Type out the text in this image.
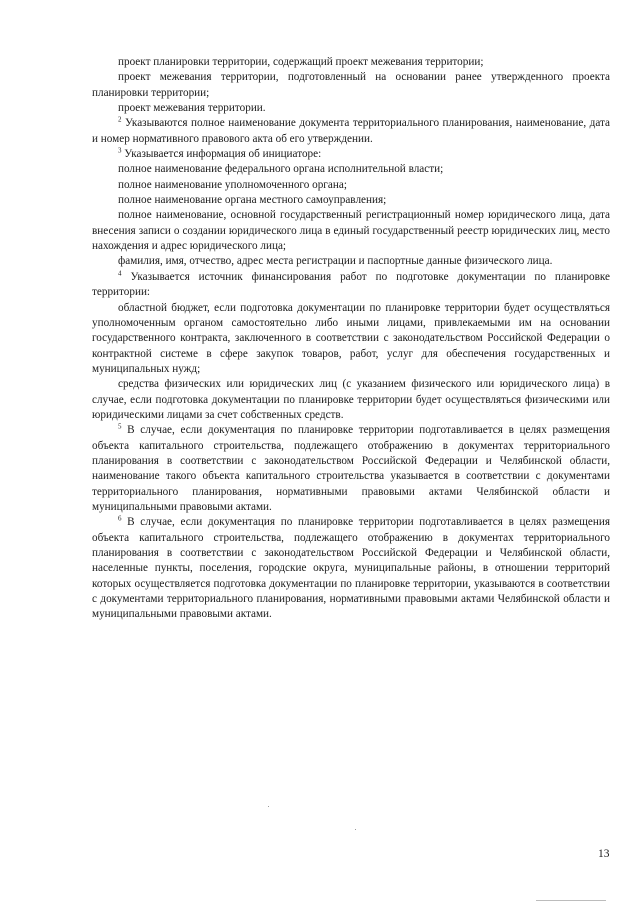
проект планировки территории, содержащий проект межевания территории;

проект межевания территории, подготовленный на основании ранее утвержденного проекта планировки территории;

проект межевания территории.

$^2$ Указываются полное наименование документа территориального планирования, наименование, дата и номер нормативного правового акта об его утверждении.

$^3$ Указывается информация об инициаторе:

полное наименование федерального органа исполнительной власти;

полное наименование уполномоченного органа;

полное наименование органа местного самоуправления;

полное наименование, основной государственный регистрационный номер юридического лица, дата внесения записи о создании юридического лица в единый государственный реестр юридических лиц, место нахождения и адрес юридического лица;

фамилия, имя, отчество, адрес места регистрации и паспортные данные физического лица.

$^4$ Указывается источник финансирования работ по подготовке документации по планировке территории:

областной бюджет, если подготовка документации по планировке территории будет осуществляться уполномоченным органом самостоятельно либо иными лицами, привлекаемыми им на основании государственного контракта, заключенного в соответствии с законодательством Российской Федерации о контрактной системе в сфере закупок товаров, работ, услуг для обеспечения государственных и муниципальных нужд;

средства физических или юридических лиц (с указанием физического или юридического лица) в случае, если подготовка документации по планировке территории будет осуществляться физическими или юридическими лицами за счет собственных средств.

$^5$ В случае, если документация по планировке территории подготавливается в целях размещения объекта капитального строительства, подлежащего отображению в документах территориального планирования в соответствии с законодательством Российской Федерации и Челябинской области, наименование такого объекта капитального строительства указывается в соответствии с документами территориального планирования, нормативными правовыми актами Челябинской области и муниципальными правовыми актами.

$^6$ В случае, если документация по планировке территории подготавливается в целях размещения объекта капитального строительства, подлежащего отображению в документах территориального планирования в соответствии с законодательством Российской Федерации и Челябинской области, населенные пункты, поселения, городские округа, муниципальные районы, в отношении территорий которых осуществляется подготовка документации по планировке территории, указываются в соответствии с документами территориального планирования, нормативными правовыми актами Челябинской области и муниципальными правовыми актами.

13
